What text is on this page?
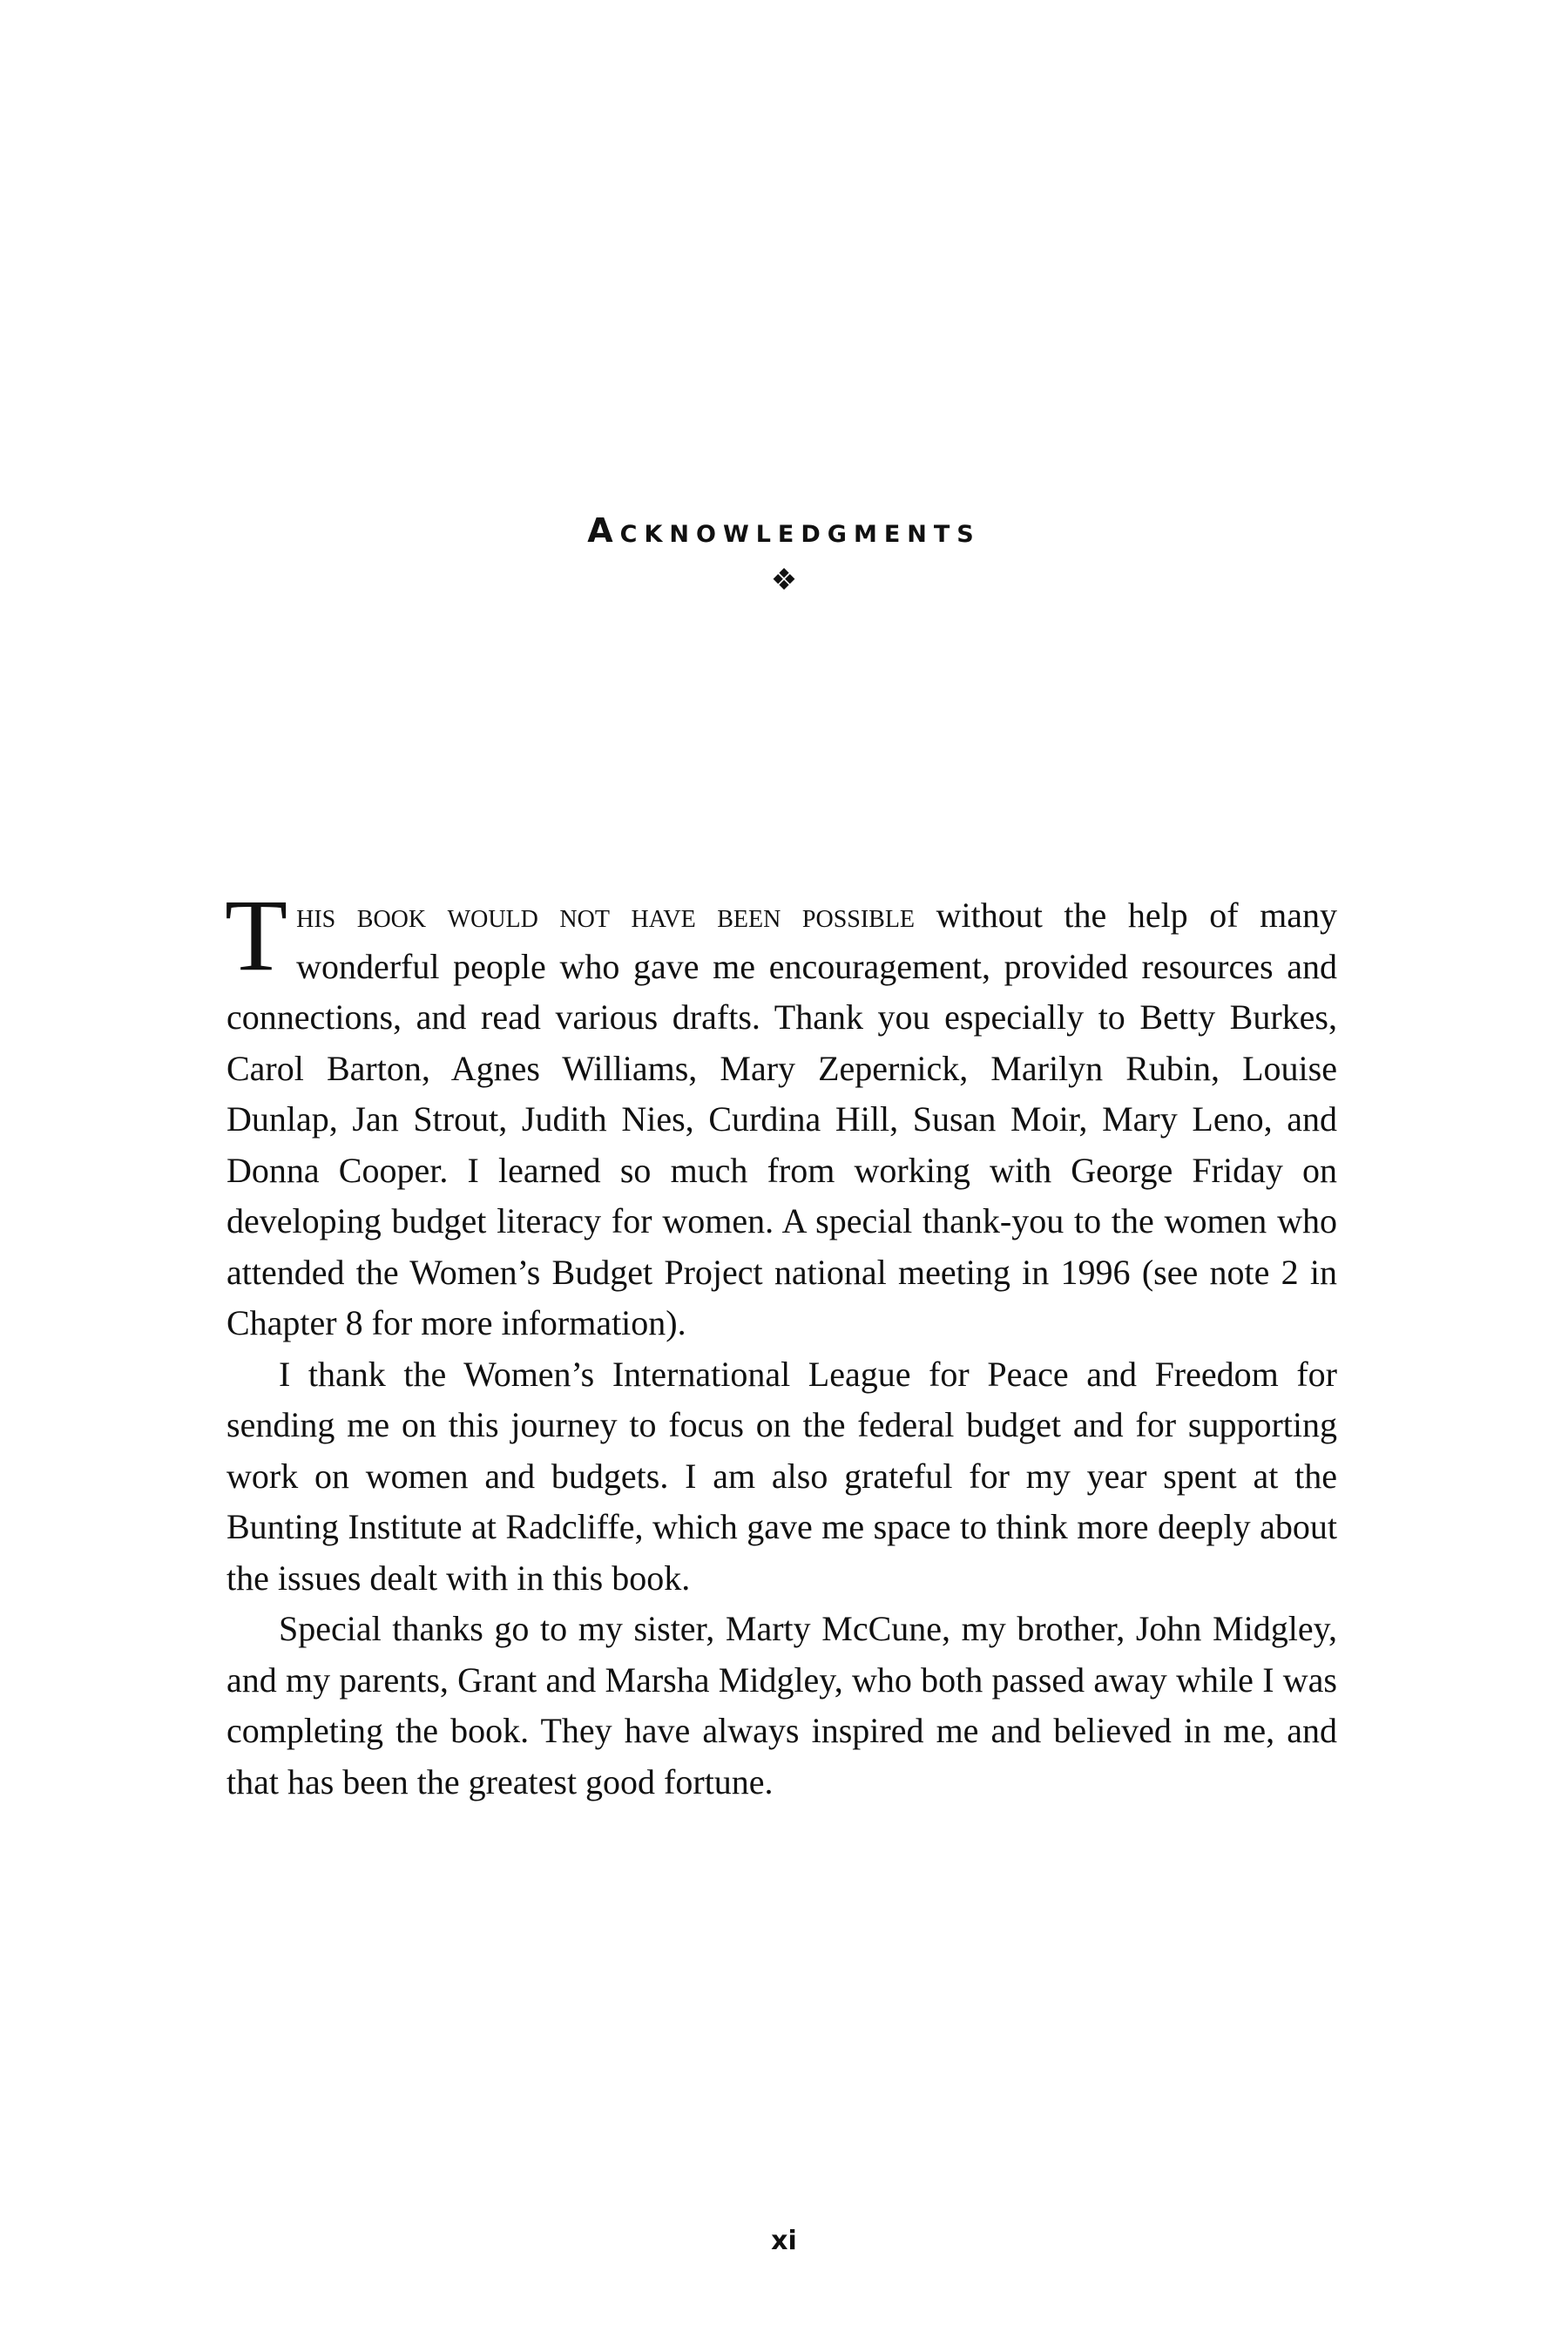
Acknowledgments
❖

This book would not have been possible without the help of many wonderful people who gave me encouragement, provided resources and connections, and read various drafts. Thank you especially to Betty Burkes, Carol Barton, Agnes Williams, Mary Zepernick, Marilyn Rubin, Louise Dunlap, Jan Strout, Judith Nies, Curdina Hill, Susan Moir, Mary Leno, and Donna Cooper. I learned so much from working with George Friday on developing budget literacy for women. A special thank-you to the women who attended the Women’s Budget Project national meeting in 1996 (see note 2 in Chapter 8 for more information).

I thank the Women’s International League for Peace and Freedom for sending me on this journey to focus on the federal budget and for supporting work on women and budgets. I am also grateful for my year spent at the Bunting Institute at Radcliffe, which gave me space to think more deeply about the issues dealt with in this book.

Special thanks go to my sister, Marty McCune, my brother, John Midgley, and my parents, Grant and Marsha Midgley, who both passed away while I was completing the book. They have always inspired me and believed in me, and that has been the greatest good fortune.

xi
